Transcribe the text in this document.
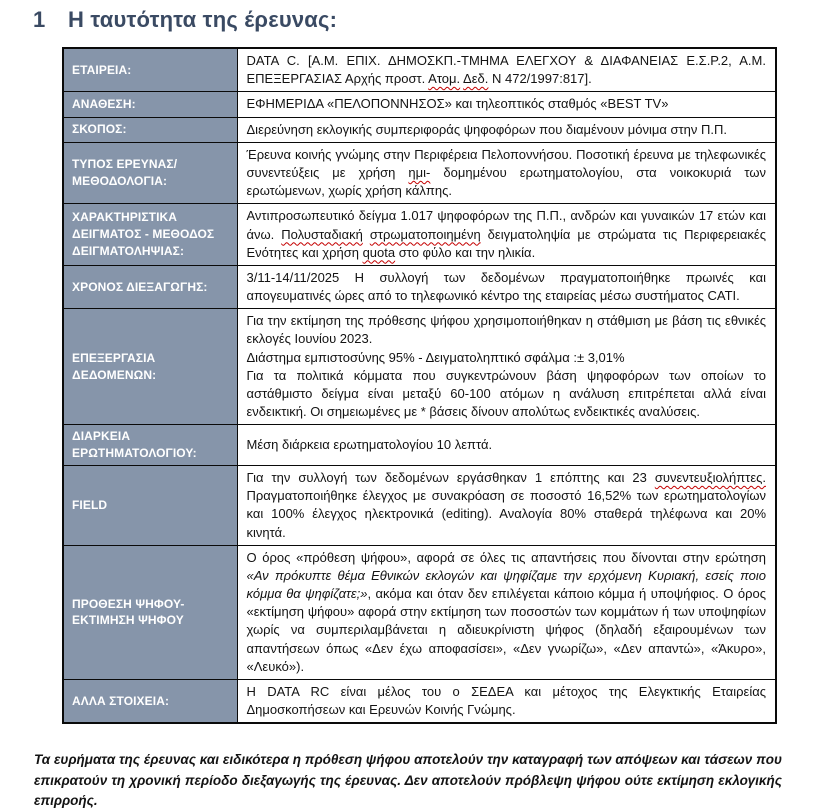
1	Η ταυτότητα της έρευνας:
ΕΤΑΙΡΕΙΑ:	DATA C. [Α.Μ. ΕΠΙΧ. ΔΗΜΟΣΚΠ.-ΤΜΗΜΑ ΕΛΕΓΧΟΥ & ΔΙΑΦΑΝΕΙΑΣ Ε.Σ.Ρ.2, Α.Μ. ΕΠΕΞΕΡΓΑΣΙΑΣ Αρχής προστ. Ατομ. Δεδ. N 472/1997:817].
ΑΝΑΘΕΣΗ:	ΕΦΗΜΕΡΙΔΑ «ΠΕΛΟΠΟΝΝΗΣΟΣ» και τηλεοπτικός σταθμός «BEST TV»
ΣΚΟΠΟΣ:	Διερεύνηση εκλογικής συμπεριφοράς ψηφοφόρων που διαμένουν μόνιμα στην Π.Π.
ΤΥΠΟΣ ΕΡΕΥΝΑΣ/ ΜΕΘΟΔΟΛΟΓΙΑ:	Έρευνα κοινής γνώμης στην Περιφέρεια Πελοποννήσου. Ποσοτική έρευνα με τηλεφωνικές συνεντεύξεις με χρήση ημι- δομημένου ερωτηματολογίου, στα νοικοκυριά των ερωτώμενων, χωρίς χρήση κάλπης.
ΧΑΡΑΚΤΗΡΙΣΤΙΚΑ ΔΕΙΓΜΑΤΟΣ - ΜΕΘΟΔΟΣ ΔΕΙΓΜΑΤΟΛΗΨΙΑΣ:	Αντιπροσωπευτικό δείγμα 1.017 ψηφοφόρων της Π.Π., ανδρών και γυναικών 17 ετών και άνω. Πολυσταδιακή στρωματοποιημένη δειγματοληψία με στρώματα τις Περιφερειακές Ενότητες και χρήση quota στο φύλο και την ηλικία.
ΧΡΟΝΟΣ ΔΙΕΞΑΓΩΓΗΣ:	3/11-14/11/2025 Η συλλογή των δεδομένων πραγματοποιήθηκε πρωινές και απογευματινές ώρες από το τηλεφωνικό κέντρο της εταιρείας μέσω συστήματος CATI.
ΕΠΕΞΕΡΓΑΣΙΑ ΔΕΔΟΜΕΝΩΝ:	Για την εκτίμηση της πρόθεσης ψήφου χρησιμοποιήθηκαν η στάθμιση με βάση τις εθνικές εκλογές Ιουνίου 2023.
Διάστημα εμπιστοσύνης 95% - Δειγματοληπτικό σφάλμα :± 3,01%
Για τα πολιτικά κόμματα που συγκεντρώνουν βάση ψηφοφόρων των οποίων το αστάθμιστο δείγμα είναι μεταξύ 60-100 ατόμων η ανάλυση επιτρέπεται αλλά είναι ενδεικτική. Οι σημειωμένες με * βάσεις δίνουν απολύτως ενδεικτικές αναλύσεις.
ΔΙΑΡΚΕΙΑ ΕΡΩΤΗΜΑΤΟΛΟΓΙΟΥ:	Μέση διάρκεια ερωτηματολογίου 10 λεπτά.
FIELD	Για την συλλογή των δεδομένων εργάσθηκαν 1 επόπτης και 23 συνεντευξιολήπτες. Πραγματοποιήθηκε έλεγχος με συνακρόαση σε ποσοστό 16,52% των ερωτηματολογίων και 100% έλεγχος ηλεκτρονικά (editing). Αναλογία 80% σταθερά τηλέφωνα και 20% κινητά.
ΠΡΟΘΕΣΗ ΨΗΦΟΥ- ΕΚΤΙΜΗΣΗ ΨΗΦΟΥ	Ο όρος «πρόθεση ψήφου», αφορά σε όλες τις απαντήσεις που δίνονται στην ερώτηση «Αν πρόκυπτε θέμα Εθνικών εκλογών και ψηφίζαμε την ερχόμενη Κυριακή, εσείς ποιο κόμμα θα ψηφίζατε;», ακόμα και όταν δεν επιλέγεται κάποιο κόμμα ή υποψήφιος. Ο όρος «εκτίμηση ψήφου» αφορά στην εκτίμηση των ποσοστών των κομμάτων ή των υποψηφίων χωρίς να συμπεριλαμβάνεται η αδιευκρίνιστη ψήφος (δηλαδή εξαιρουμένων των απαντήσεων όπως «Δεν έχω αποφασίσει», «Δεν γνωρίζω», «Δεν απαντώ», «Άκυρο», «Λευκό»).
ΑΛΛΑ ΣΤΟΙΧΕΙΑ:	Η DATA RC είναι μέλος του ο ΣΕΔΕΑ και μέτοχος της Ελεγκτικής Εταιρείας Δημοσκοπήσεων και Ερευνών Κοινής Γνώμης.

Τα ευρήματα της έρευνας και ειδικότερα η πρόθεση ψήφου αποτελούν την καταγραφή των απόψεων και τάσεων που επικρατούν τη χρονική περίοδο διεξαγωγής της έρευνας. Δεν αποτελούν πρόβλεψη ψήφου ούτε εκτίμηση εκλογικής επιρροής.
